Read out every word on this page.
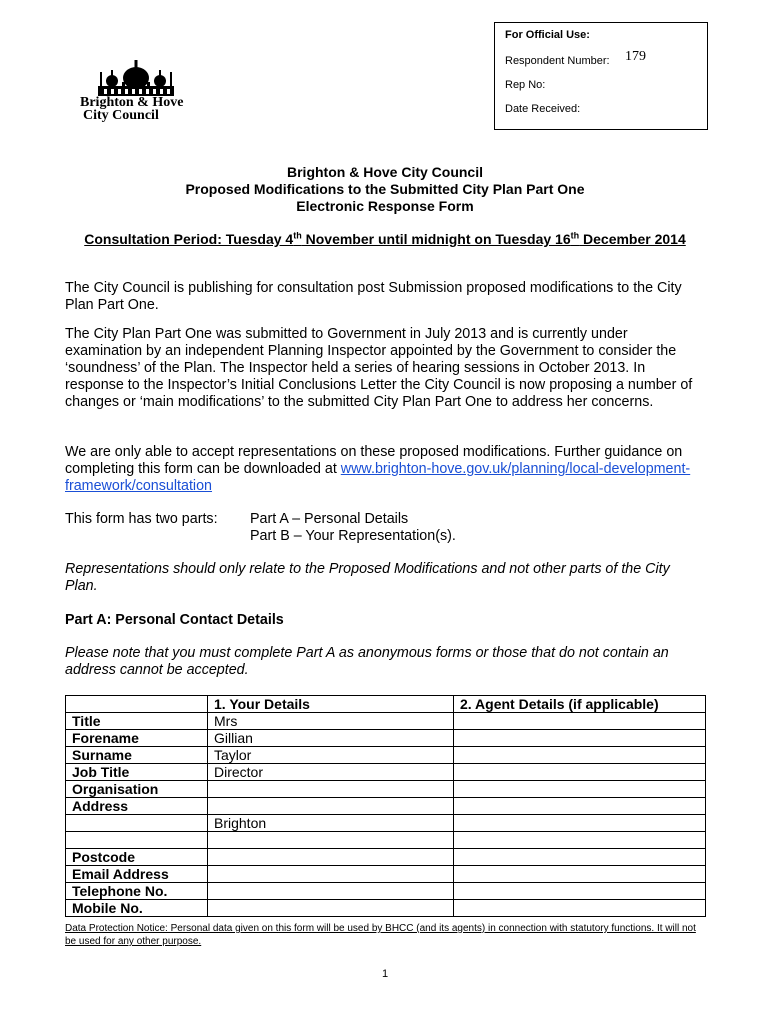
For Official Use:
Respondent Number: 179
Rep No:
Date Received:
Brighton & Hove
City Council
Brighton & Hove City Council
Proposed Modifications to the Submitted City Plan Part One
Electronic Response Form
Consultation Period: Tuesday 4th November until midnight on Tuesday 16th December 2014
The City Council is publishing for consultation post Submission proposed modifications to the City Plan Part One.
The City Plan Part One was submitted to Government in July 2013 and is currently under examination by an independent Planning Inspector appointed by the Government to consider the ‘soundness’ of the Plan. The Inspector held a series of hearing sessions in October 2013. In response to the Inspector’s Initial Conclusions Letter the City Council is now proposing a number of changes or ‘main modifications’ to the submitted City Plan Part One to address her concerns.
We are only able to accept representations on these proposed modifications. Further guidance on completing this form can be downloaded at www.brighton-hove.gov.uk/planning/local-development-framework/consultation
This form has two parts:	Part A – Personal Details
Part B – Your Representation(s).
Representations should only relate to the Proposed Modifications and not other parts of the City Plan.
Part A: Personal Contact Details
Please note that you must complete Part A as anonymous forms or those that do not contain an address cannot be accepted.
	1. Your Details	2. Agent Details (if applicable)
Title	Mrs	
Forename	Gillian	
Surname	Taylor	
Job Title	Director	
Organisation		
Address		
	Brighton	

Postcode		
Email Address		
Telephone No.		
Mobile No.		
Data Protection Notice: Personal data given on this form will be used by BHCC (and its agents) in connection with statutory functions. It will not be used for any other purpose.
1
